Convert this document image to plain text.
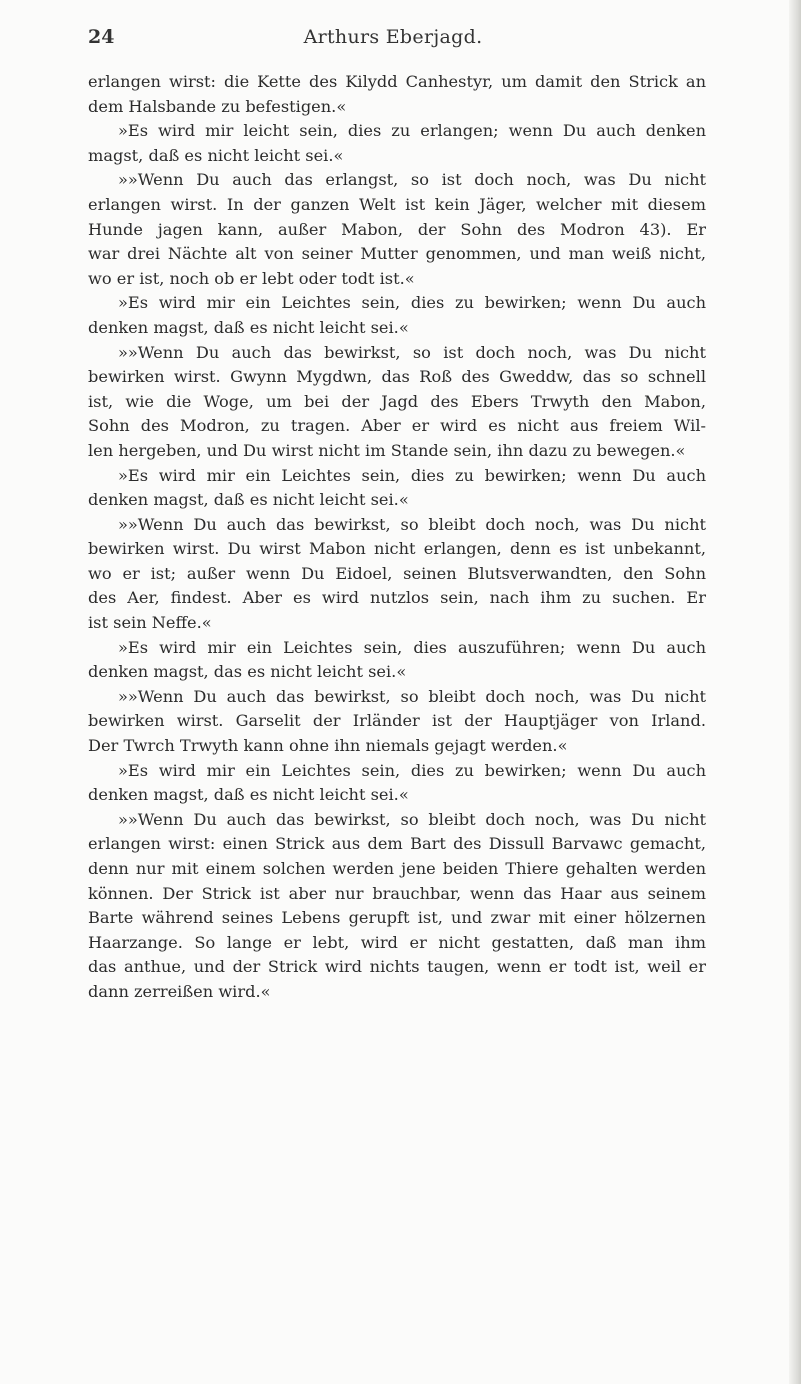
24	Arthurs Eberjagd.
erlangen wirst: die Kette des Kilydd Canhestyr, um damit den Strick an
dem Halsbande zu befestigen.«
»Es wird mir leicht sein, dies zu erlangen; wenn Du auch denken
magst, daß es nicht leicht sei.«
»»Wenn Du auch das erlangst, so ist doch noch, was Du nicht
erlangen wirst. In der ganzen Welt ist kein Jäger, welcher mit diesem
Hunde jagen kann, außer Mabon, der Sohn des Modron 43). Er
war drei Nächte alt von seiner Mutter genommen, und man weiß nicht,
wo er ist, noch ob er lebt oder todt ist.«
»Es wird mir ein Leichtes sein, dies zu bewirken; wenn Du auch
denken magst, daß es nicht leicht sei.«
»»Wenn Du auch das bewirkst, so ist doch noch, was Du nicht
bewirken wirst. Gwynn Mygdwn, das Roß des Gweddw, das so schnell
ist, wie die Woge, um bei der Jagd des Ebers Trwyth den Mabon,
Sohn des Modron, zu tragen. Aber er wird es nicht aus freiem Wil-
len hergeben, und Du wirst nicht im Stande sein, ihn dazu zu bewegen.«
»Es wird mir ein Leichtes sein, dies zu bewirken; wenn Du auch
denken magst, daß es nicht leicht sei.«
»»Wenn Du auch das bewirkst, so bleibt doch noch, was Du nicht
bewirken wirst. Du wirst Mabon nicht erlangen, denn es ist unbekannt,
wo er ist; außer wenn Du Eidoel, seinen Blutsverwandten, den Sohn
des Aer, findest. Aber es wird nutzlos sein, nach ihm zu suchen. Er
ist sein Neffe.«
»Es wird mir ein Leichtes sein, dies auszuführen; wenn Du auch
denken magst, das es nicht leicht sei.«
»»Wenn Du auch das bewirkst, so bleibt doch noch, was Du nicht
bewirken wirst. Garselit der Irländer ist der Hauptjäger von Irland.
Der Twrch Trwyth kann ohne ihn niemals gejagt werden.«
»Es wird mir ein Leichtes sein, dies zu bewirken; wenn Du auch
denken magst, daß es nicht leicht sei.«
»»Wenn Du auch das bewirkst, so bleibt doch noch, was Du nicht
erlangen wirst: einen Strick aus dem Bart des Dissull Barvawc gemacht,
denn nur mit einem solchen werden jene beiden Thiere gehalten werden
können. Der Strick ist aber nur brauchbar, wenn das Haar aus seinem
Barte während seines Lebens gerupft ist, und zwar mit einer hölzernen
Haarzange. So lange er lebt, wird er nicht gestatten, daß man ihm
das anthue, und der Strick wird nichts taugen, wenn er todt ist, weil er
dann zerreißen wird.«
